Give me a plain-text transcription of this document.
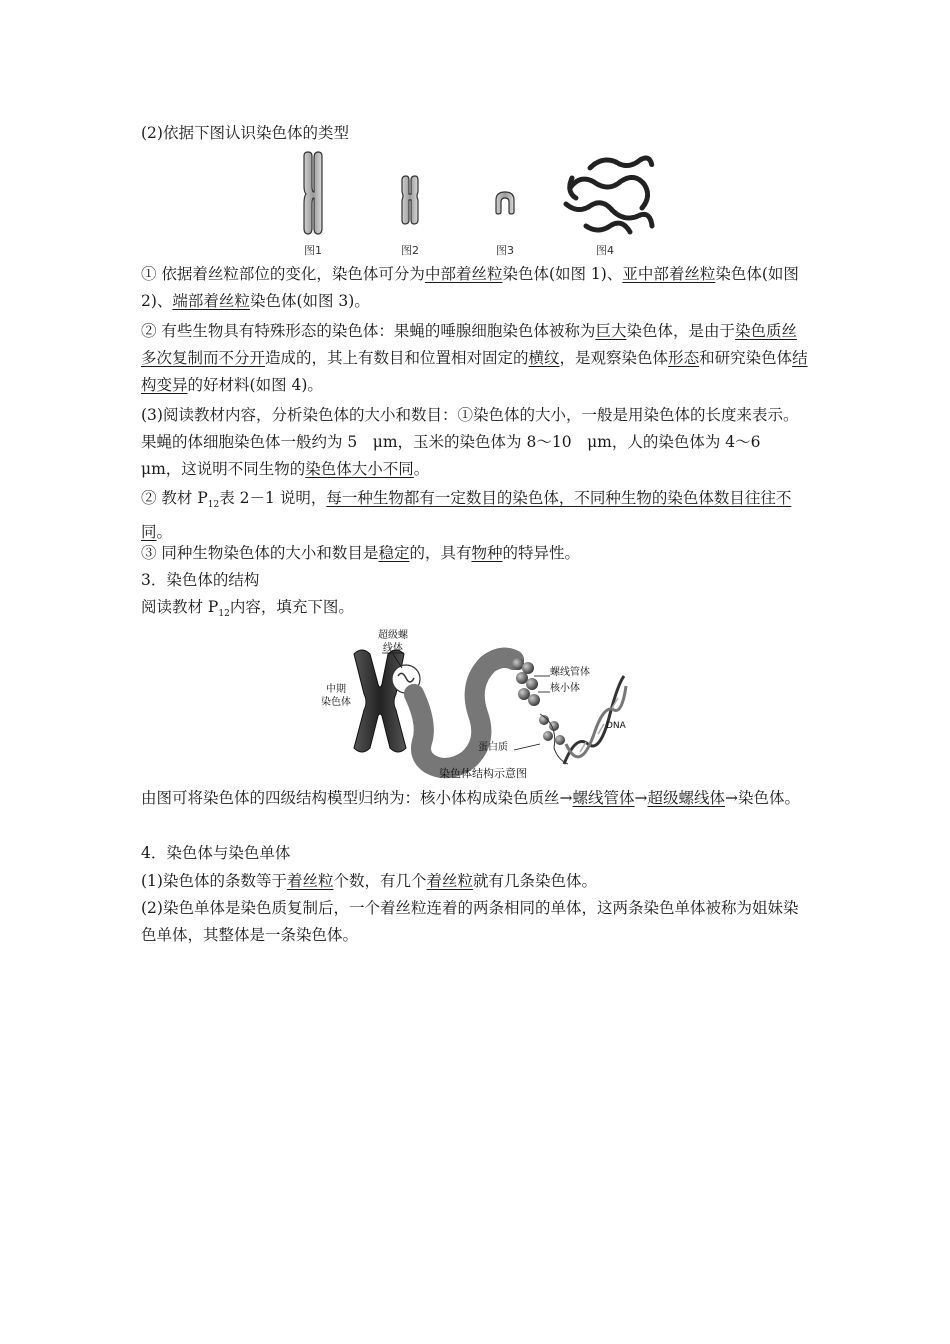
(2)依据下图认识染色体的类型

图1	图2	图3	图4

① 依据着丝粒部位的变化，染色体可分为中部着丝粒染色体(如图 1)、亚中部着丝粒染色体(如图 2)、端部着丝粒染色体(如图 3)。

② 有些生物具有特殊形态的染色体：果蝇的唾腺细胞染色体被称为巨大染色体，是由于染色质丝多次复制而不分开造成的，其上有数目和位置相对固定的横纹，是观察染色体形态和研究染色体结构变异的好材料(如图 4)。

(3)阅读教材内容，分析染色体的大小和数目：①染色体的大小，一般是用染色体的长度来表示。果蝇的体细胞染色体一般约为 5　μm，玉米的染色体为 8～10　μm，人的染色体为 4～6　μm，这说明不同生物的染色体大小不同。

② 教材 $P_{12}$表 2－1 说明，每一种生物都有一定数目的染色体，不同种生物的染色体数目往往不同。

③ 同种生物染色体的大小和数目是稳定的，具有物种的特异性。

3．染色体的结构

阅读教材 $P_{12}$内容，填充下图。

超级螺
线体
中期
染色体
螺线管体
核小体
DNA
蛋白质
染色体结构示意图

由图可将染色体的四级结构模型归纳为：核小体构成染色质丝→螺线管体→超级螺线体→染色体。

4．染色体与染色单体

(1)染色体的条数等于着丝粒个数，有几个着丝粒就有几条染色体。

(2)染色单体是染色质复制后，一个着丝粒连着的两条相同的单体，这两条染色单体被称为姐妹染色单体，其整体是一条染色体。
